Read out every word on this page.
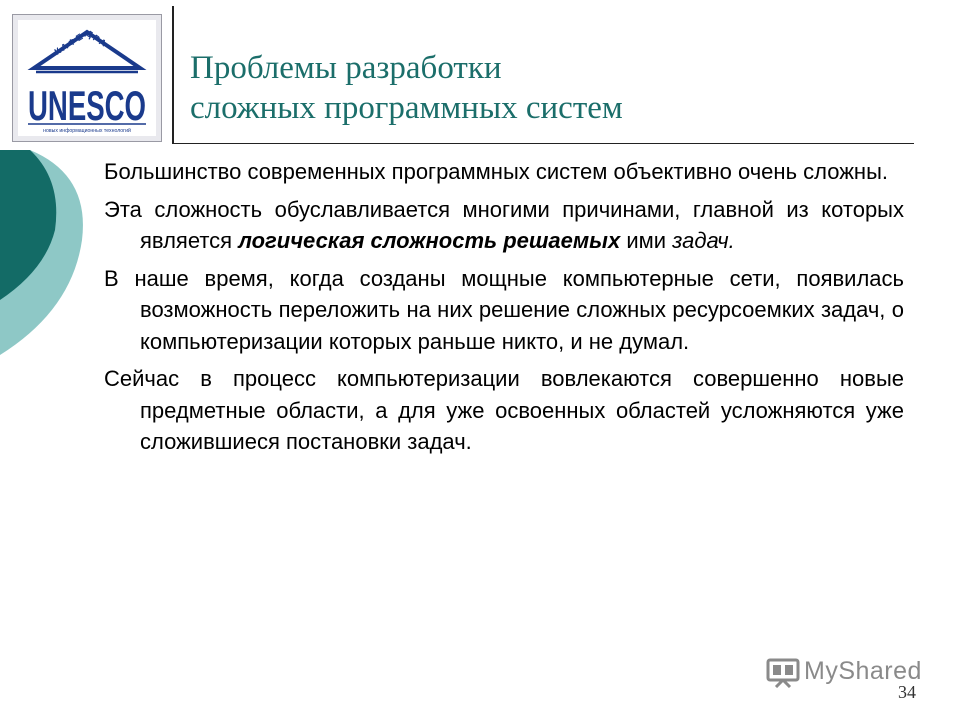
КАФЕДРА
UNESCO
новых информационных технологий
Проблемы разработки
сложных программных систем
Большинство современных программных систем объективно очень сложны.
Эта сложность обуславливается многими причинами, главной из которых является логическая сложность решаемых ими задач.
В наше время, когда созданы мощные компьютерные сети, появилась возможность переложить на них решение сложных ресурсоемких задач, о компьютеризации которых раньше никто, и не думал.
Сейчас в процесс компьютеризации вовлекаются совершенно новые предметные области, а для уже освоенных областей усложняются уже сложившиеся постановки задач.
MyShared
34
